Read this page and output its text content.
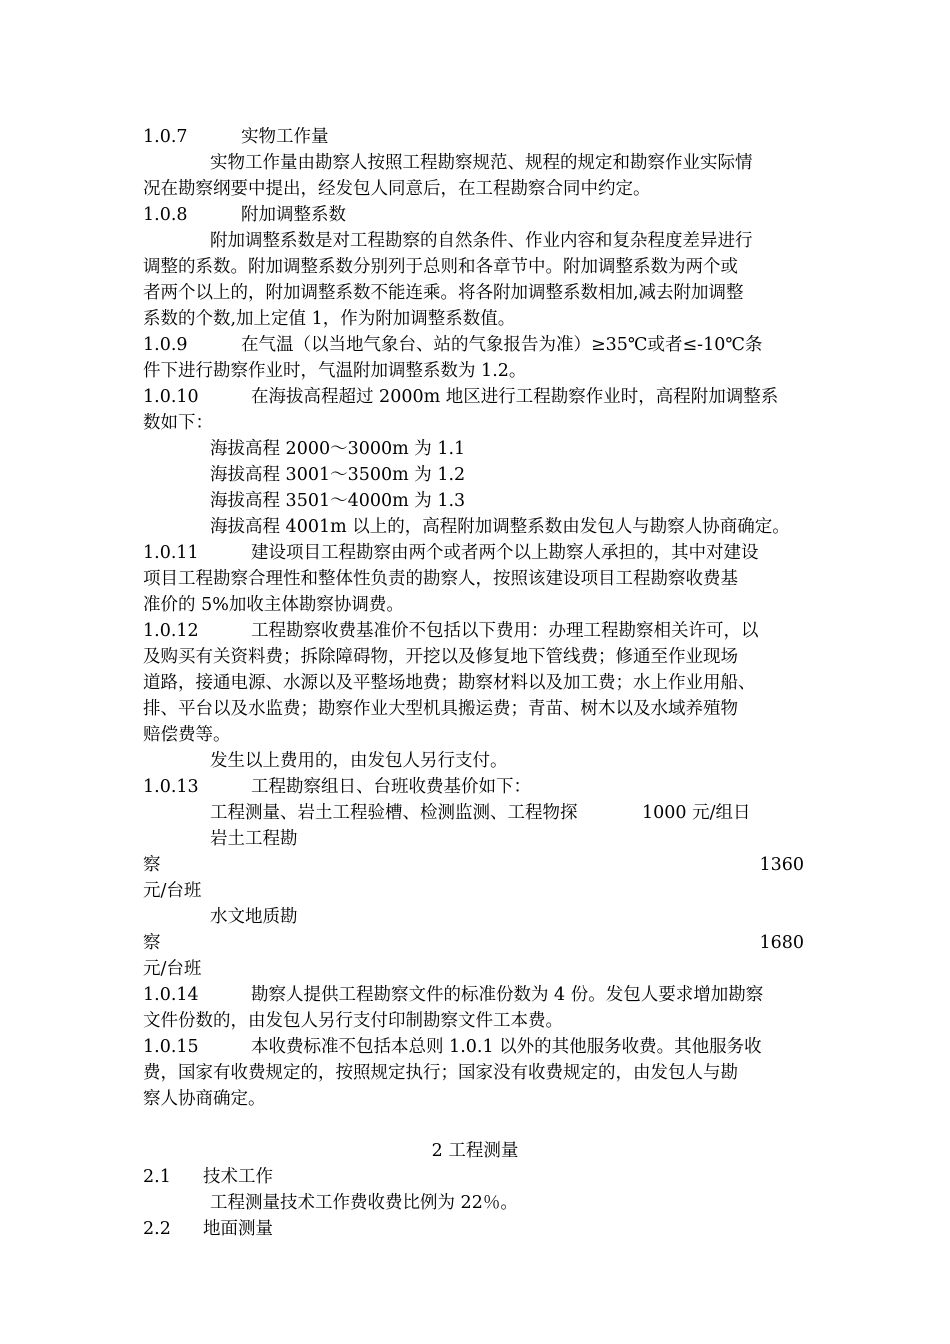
1.0.7	实物工作量
实物工作量由勘察人按照工程勘察规范、规程的规定和勘察作业实际情
况在勘察纲要中提出，经发包人同意后，在工程勘察合同中约定。
1.0.8	附加调整系数
附加调整系数是对工程勘察的自然条件、作业内容和复杂程度差异进行
调整的系数。附加调整系数分别列于总则和各章节中。附加调整系数为两个或
者两个以上的，附加调整系数不能连乘。将各附加调整系数相加,减去附加调整
系数的个数,加上定值 1，作为附加调整系数值。
1.0.9	在气温（以当地气象台、站的气象报告为准）≥35℃或者≤-10℃条
件下进行勘察作业时，气温附加调整系数为 1.2。
1.0.10	在海拔高程超过 2000m 地区进行工程勘察作业时，高程附加调整系
数如下：
海拔高程 2000～3000m 为 1.1
海拔高程 3001～3500m 为 1.2
海拔高程 3501～4000m 为 1.3
海拔高程 4001m 以上的，高程附加调整系数由发包人与勘察人协商确定。
1.0.11	建设项目工程勘察由两个或者两个以上勘察人承担的，其中对建设
项目工程勘察合理性和整体性负责的勘察人，按照该建设项目工程勘察收费基
准价的 5%加收主体勘察协调费。
1.0.12	工程勘察收费基准价不包括以下费用：办理工程勘察相关许可，以
及购买有关资料费；拆除障碍物，开挖以及修复地下管线费；修通至作业现场
道路，接通电源、水源以及平整场地费；勘察材料以及加工费；水上作业用船、
排、平台以及水监费；勘察作业大型机具搬运费；青苗、树木以及水域养殖物
赔偿费等。
发生以上费用的，由发包人另行支付。
1.0.13	工程勘察组日、台班收费基价如下：
工程测量、岩土工程验槽、检测监测、工程物探	1000 元/组日
岩土工程勘
察	1360
元/台班
水文地质勘
察	1680
元/台班
1.0.14	勘察人提供工程勘察文件的标准份数为 4 份。发包人要求增加勘察
文件份数的，由发包人另行支付印制勘察文件工本费。
1.0.15	本收费标准不包括本总则 1.0.1 以外的其他服务收费。其他服务收
费，国家有收费规定的，按照规定执行；国家没有收费规定的，由发包人与勘
察人协商确定。
2 工程测量
2.1 技术工作
工程测量技术工作费收费比例为 22％。
2.2 地面测量
